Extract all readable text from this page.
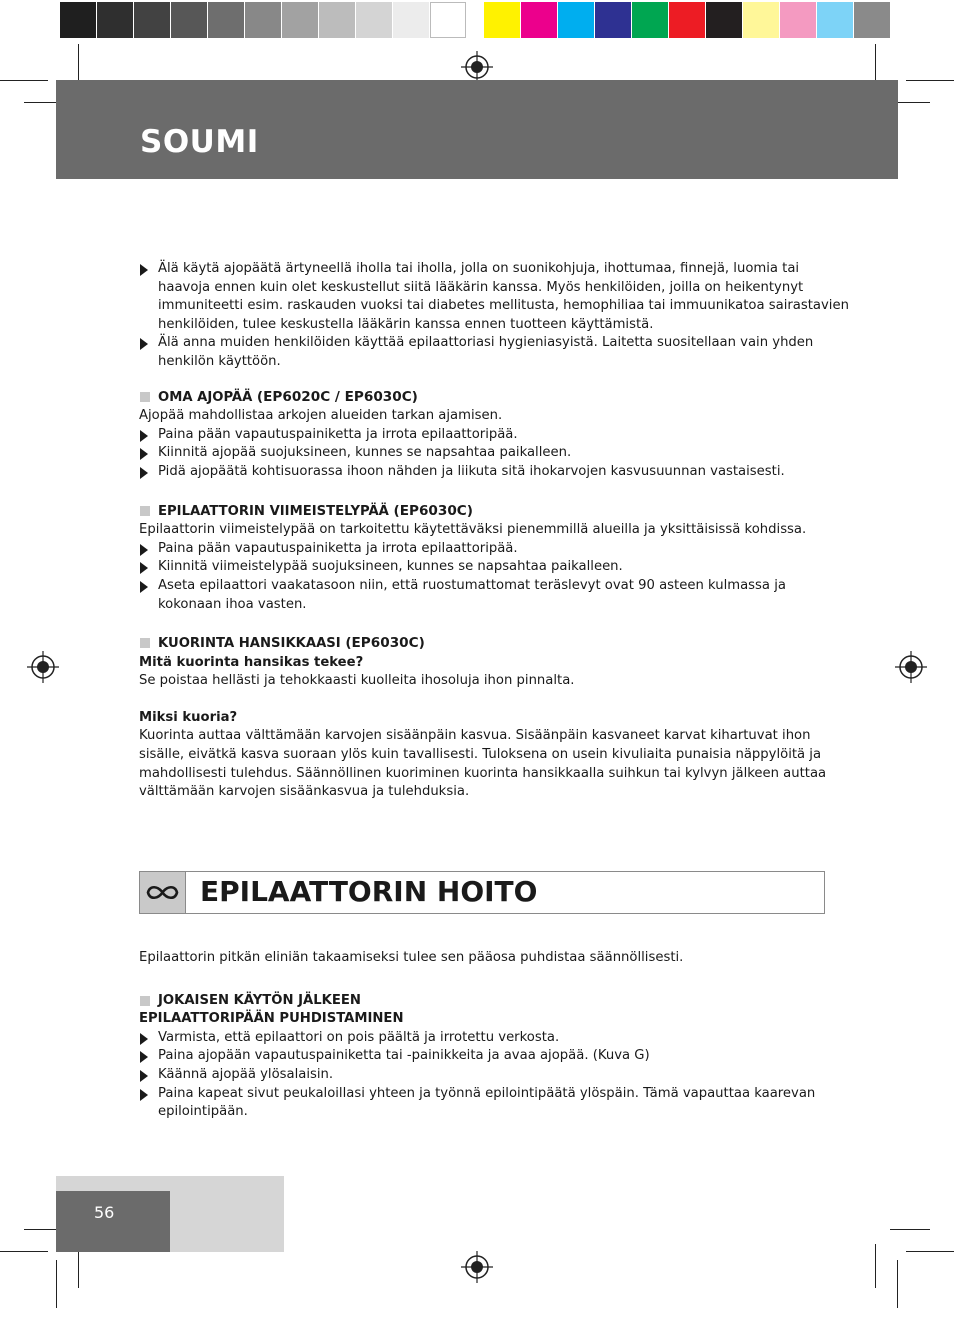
SOUMI
Älä käytä ajopäätä ärtyneellä iholla tai iholla, jolla on suonikohjuja, ihottumaa, finnejä, luomia tai haavoja ennen kuin olet keskustellut siitä lääkärin kanssa. Myös henkilöiden, joilla on heikentynyt immuniteetti esim. raskauden vuoksi tai diabetes mellitusta, hemophiliaa tai immuunikatoa sairastavien henkilöiden, tulee keskustella lääkärin kanssa ennen tuotteen käyttämistä.
Älä anna muiden henkilöiden käyttää epilaattoriasi hygieniasyistä. Laitetta suositellaan vain yhden henkilön käyttöön.
OMA AJOPÄÄ (EP6020C / EP6030C)

Ajopää mahdollistaa arkojen alueiden tarkan ajamisen.

Paina pään vapautuspainiketta ja irrota epilaattoripää.
Kiinnitä ajopää suojuksineen, kunnes se napsahtaa paikalleen.
Pidä ajopäätä kohtisuorassa ihoon nähden ja liikuta sitä ihokarvojen kasvusuunnan vastaisesti.
EPILAATTORIN VIIMEISTELYPÄÄ (EP6030C)

Epilaattorin viimeistelypää on tarkoitettu käytettäväksi pienemmillä alueilla ja yksittäisissä kohdissa.

Paina pään vapautuspainiketta ja irrota epilaattoripää.
Kiinnitä viimeistelypää suojuksineen, kunnes se napsahtaa paikalleen.
Aseta epilaattori vaakatasoon niin, että ruostumattomat teräslevyt ovat 90 asteen kulmassa ja kokonaan ihoa vasten.
KUORINTA HANSIKKAASI (EP6030C)

Mitä kuorinta hansikas tekee?

Se poistaa hellästi ja tehokkaasti kuolleita ihosoluja ihon pinnalta.

Miksi kuoria?

Kuorinta auttaa välttämään karvojen sisäänpäin kasvua. Sisäänpäin kasvaneet karvat kihartuvat ihon sisälle, eivätkä kasva suoraan ylös kuin tavallisesti. Tuloksena on usein kivuliaita punaisia näppylöitä ja mahdollisesti tulehdus. Säännöllinen kuoriminen kuorinta hansikkaalla suihkun tai kylvyn jälkeen auttaa välttämään karvojen sisäänkasvua ja tulehduksia.

EPILAATTORIN HOITO

Epilaattorin pitkän eliniän takaamiseksi tulee sen pääosa puhdistaa säännöllisesti.

JOKAISEN KÄYTÖN JÄLKEEN

EPILAATTORIPÄÄN PUHDISTAMINEN

Varmista, että epilaattori on pois päältä ja irrotettu verkosta.
Paina ajopään vapautuspainiketta tai -painikkeita ja avaa ajopää. (Kuva G)
Käännä ajopää ylösalaisin.
Paina kapeat sivut peukaloillasi yhteen ja työnnä epilointipäätä ylöspäin. Tämä vapauttaa kaarevan epilointipään.
56
